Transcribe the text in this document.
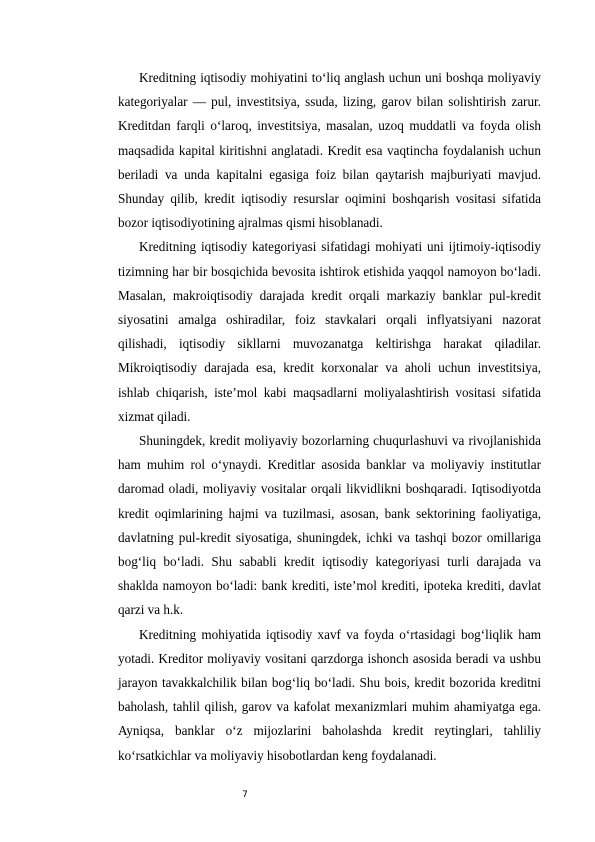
Kreditning iqtisodiy mohiyatini to‘liq anglash uchun uni boshqa moliyaviy kategoriyalar — pul, investitsiya, ssuda, lizing, garov bilan solishtirish zarur. Kreditdan farqli o‘laroq, investitsiya, masalan, uzoq muddatli va foyda olish maqsadida kapital kiritishni anglatadi. Kredit esa vaqtincha foydalanish uchun beriladi va unda kapitalni egasiga foiz bilan qaytarish majburiyati mavjud. Shunday qilib, kredit iqtisodiy resurslar oqimini boshqarish vositasi sifatida bozor iqtisodiyotining ajralmas qismi hisoblanadi.

Kreditning iqtisodiy kategoriyasi sifatidagi mohiyati uni ijtimoiy-iqtisodiy tizimning har bir bosqichida bevosita ishtirok etishida yaqqol namoyon bo‘ladi. Masalan, makroiqtisodiy darajada kredit orqali markaziy banklar pul-kredit siyosatini amalga oshiradilar, foiz stavkalari orqali inflyatsiyani nazorat qilishadi, iqtisodiy sikllarni muvozanatga keltirishga harakat qiladilar. Mikroiqtisodiy darajada esa, kredit korxonalar va aholi uchun investitsiya, ishlab chiqarish, iste’mol kabi maqsadlarni moliyalashtirish vositasi sifatida xizmat qiladi.

Shuningdek, kredit moliyaviy bozorlarning chuqurlashuvi va rivojlanishida ham muhim rol o‘ynaydi. Kreditlar asosida banklar va moliyaviy institutlar daromad oladi, moliyaviy vositalar orqali likvidlikni boshqaradi. Iqtisodiyotda kredit oqimlarining hajmi va tuzilmasi, asosan, bank sektorining faoliyatiga, davlatning pul-kredit siyosatiga, shuningdek, ichki va tashqi bozor omillariga bog‘liq bo‘ladi. Shu sababli kredit iqtisodiy kategoriyasi turli darajada va shaklda namoyon bo‘ladi: bank krediti, iste’mol krediti, ipoteka krediti, davlat qarzi va h.k.

Kreditning mohiyatida iqtisodiy xavf va foyda o‘rtasidagi bog‘liqlik ham yotadi. Kreditor moliyaviy vositani qarzdorga ishonch asosida beradi va ushbu jarayon tavakkalchilik bilan bog‘liq bo‘ladi. Shu bois, kredit bozorida kreditni baholash, tahlil qilish, garov va kafolat mexanizmlari muhim ahamiyatga ega. Ayniqsa, banklar o‘z mijozlarini baholashda kredit reytinglari, tahliliy ko‘rsatkichlar va moliyaviy hisobotlardan keng foydalanadi.

7
